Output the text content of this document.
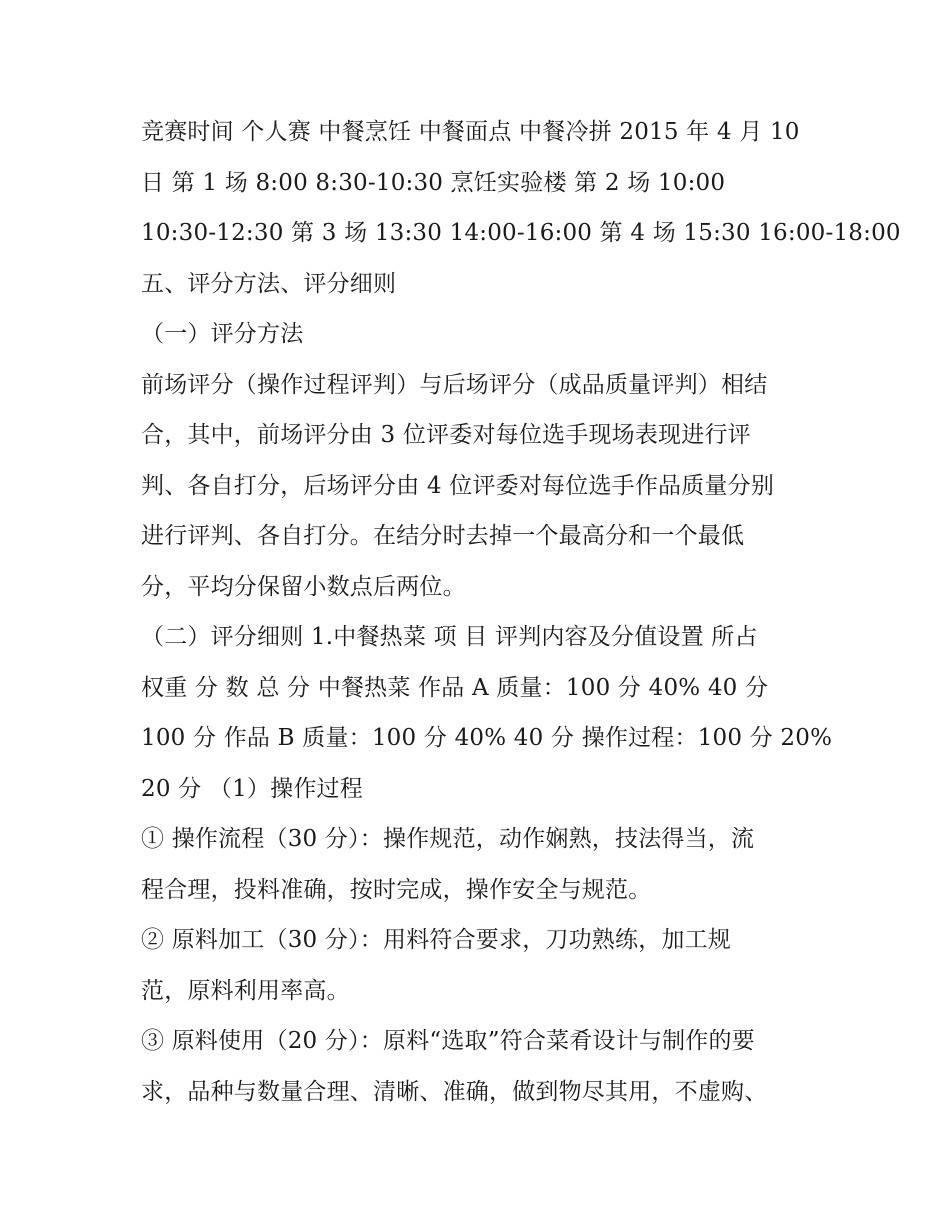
竞赛时间 个人赛 中餐烹饪 中餐面点 中餐冷拼 2015 年 4 月 10
日 第 1 场 8:00 8:30-10:30 烹饪实验楼 第 2 场 10:00
10:30-12:30 第 3 场 13:30 14:00-16:00 第 4 场 15:30 16:00-18:00
五、评分方法、评分细则
（一）评分方法
前场评分（操作过程评判）与后场评分（成品质量评判）相结
合，其中，前场评分由 3 位评委对每位选手现场表现进行评
判、各自打分，后场评分由 4 位评委对每位选手作品质量分别
进行评判、各自打分。在结分时去掉一个最高分和一个最低
分，平均分保留小数点后两位。
（二）评分细则 1.中餐热菜 项 目 评判内容及分值设置 所占
权重 分 数 总 分 中餐热菜 作品 A 质量：100 分 40% 40 分
100 分 作品 B 质量：100 分 40% 40 分 操作过程：100 分 20%
20 分 （1）操作过程
① 操作流程（30 分）：操作规范，动作娴熟，技法得当，流
程合理，投料准确，按时完成，操作安全与规范。
② 原料加工（30 分）：用料符合要求，刀功熟练，加工规
范，原料利用率高。
③ 原料使用（20 分）：原料“选取”符合菜肴设计与制作的要
求，品种与数量合理、清晰、准确，做到物尽其用，不虚购、
